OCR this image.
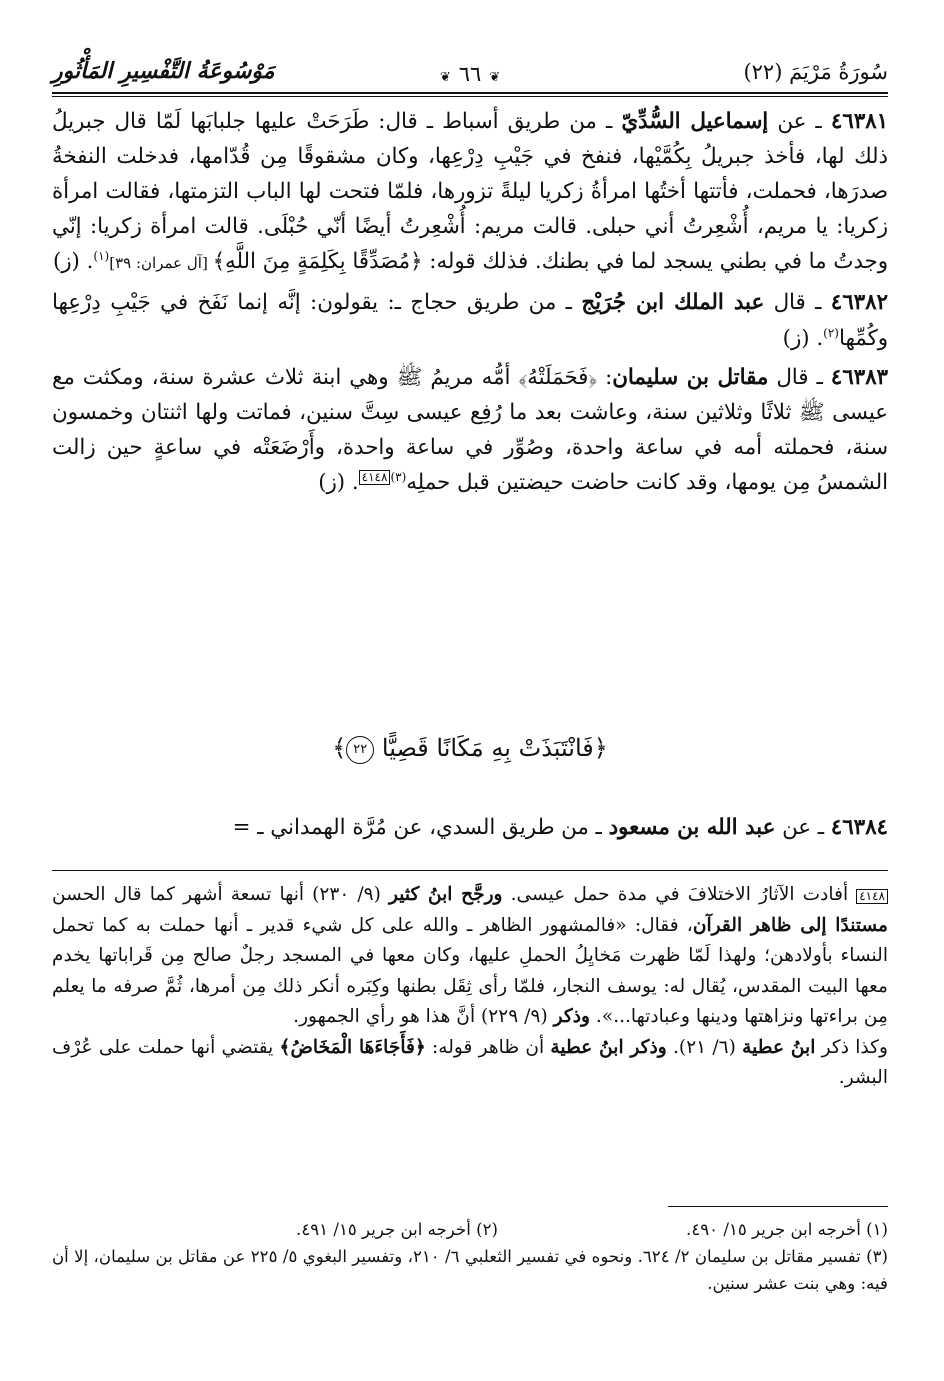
سُورَةُ مَرْيَمَ (٢٢)
❦٦٦❦
مَوْسُوعَةُ التَّفْسِيرِ المَأْثُورِ

٤٦٣٨١ ـ عن إسماعيل السُّدِّيّ ـ من طريق أسباط ـ قال: طَرَحَتْ عليها جلبابَها لَمّا قال جبريلُ ذلك لها، فأخذ جبريلُ بِكُمَّيْها، فنفخ في جَيْبِ دِرْعِها، وكان مشقوقًا مِن قُدّامها، فدخلت النفخةُ صدرَها، فحملت، فأتتها أختُها امرأةُ زكريا ليلةً تزورها، فلمّا فتحت لها الباب التزمتها، فقالت امرأة زكريا: يا مريم، أُشْعِرتُ أني حبلى. قالت مريم: أُشْعِرتُ أيضًا أنّي حُبْلَى. قالت امرأة زكريا: إنّي وجدتُ ما في بطني يسجد لما في بطنك. فذلك قوله: ﴿مُصَدِّقًا بِكَلِمَةٍ مِنَ اللَّهِ﴾ [آل عمران: ٣٩]$^{(١)}$. (ز)

٤٦٣٨٢ ـ قال عبد الملك ابن جُرَيْج ـ من طريق حجاج ـ: يقولون: إنَّه إنما نَفَخ في جَيْبِ دِرْعِها وكُمِّها$^{(٢)}$. (ز)

٤٦٣٨٣ ـ قال مقاتل بن سليمان: ﴿فَحَمَلَتْهُ﴾ أمُّه مريمُ ﷺ وهي ابنة ثلاث عشرة سنة، ومكثت مع عيسى ﷺ ثلاثًا وثلاثين سنة، وعاشت بعد ما رُفِع عيسى سِتَّ سنين، فماتت ولها اثنتان وخمسون سنة، فحملته أمه في ساعة واحدة، وصُوِّر في ساعة واحدة، وأَرْضَعَتْه في ساعةٍ حين زالت الشمسُ مِن يومها، وقد كانت حاضت حيضتين قبل حملِه$^{(٣)}$٤١٤٨. (ز)

﴿فَانْتَبَذَتْ بِهِ مَكَانًا قَصِيًّا ٢٢﴾
٤٦٣٨٤ ـ عن عبد الله بن مسعود ـ من طريق السدي، عن مُرَّة الهمداني ـ =

٤١٤٨ أفادت الآثارُ الاختلافَ في مدة حمل عيسى. ورجَّح ابنُ كثير (٩/ ٢٣٠) أنها تسعة أشهر كما قال الحسن مستندًا إلى ظاهر القرآن، فقال: «فالمشهور الظاهر ـ والله على كل شيء قدير ـ أنها حملت به كما تحمل النساء بأولادهن؛ ولهذا لَمّا ظهرت مَخايِلُ الحملِ عليها، وكان معها في المسجد رجلٌ صالح مِن قَراباتها يخدم معها البيت المقدس، يُقال له: يوسف النجار، فلمّا رأى ثِقَل بطنها وكِبَره أنكر ذلك مِن أمرها، ثُمَّ صرفه ما يعلم مِن براءتها ونزاهتها ودينها وعبادتها...». وذكر (٩/ ٢٢٩) أنَّ هذا هو رأي الجمهور.

وكذا ذكر ابنُ عطية (٦/ ٢١). وذكر ابنُ عطية أن ظاهر قوله: ﴿فَأَجَاءَهَا الْمَخَاضُ﴾ يقتضي أنها حملت على عُرْف البشر.

(١) أخرجه ابن جرير ١٥/ ٤٩٠.
(٢) أخرجه ابن جرير ١٥/ ٤٩١.

(٣) تفسير مقاتل بن سليمان ٢/ ٦٢٤. ونحوه في تفسير الثعلبي ٦/ ٢١٠، وتفسير البغوي ٥/ ٢٢٥ عن مقاتل بن سليمان، إلا أن فيه: وهي بنت عشر سنين.
